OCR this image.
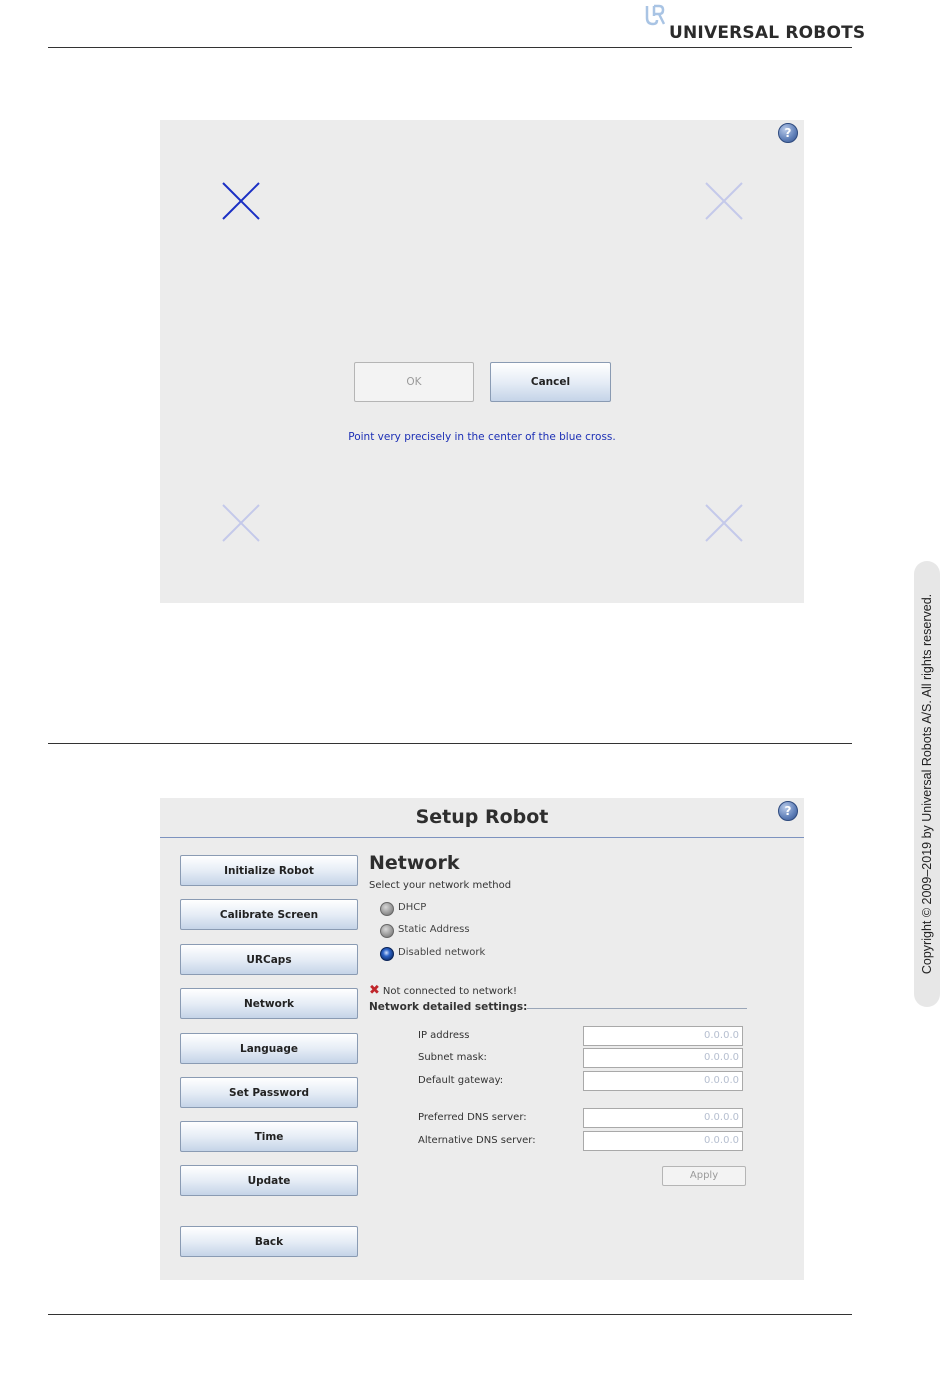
UNIVERSAL ROBOTS
Copyright © 2009–2019 by Universal Robots A/S. All rights reserved.
?
Point very precisely in the center of the blue cross.
OK	Cancel
Setup Robot	?
Initialize Robot
Calibrate Screen
URCaps
Network
Language
Set Password
Time
Update
Back
Network
Select your network method
DHCP
Static Address
Disabled network
✖ Not connected to network!
Network detailed settings:
IP address	0.0.0.0
Subnet mask:	0.0.0.0
Default gateway:	0.0.0.0
Preferred DNS server:	0.0.0.0
Alternative DNS server:	0.0.0.0
Apply
